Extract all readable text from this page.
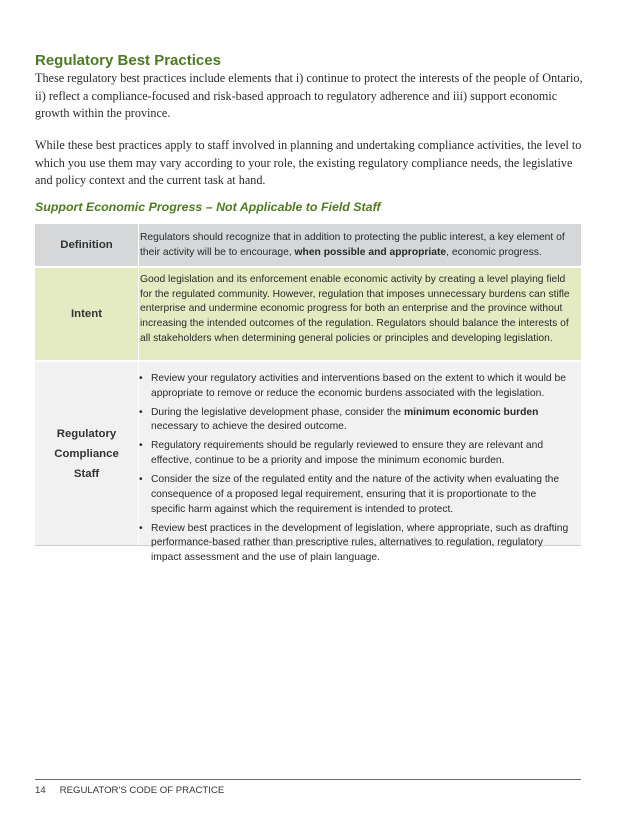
Regulatory Best Practices
These regulatory best practices include elements that i) continue to protect the interests of the people of Ontario, ii) reflect a compliance-focused and risk-based approach to regulatory adherence and iii) support economic growth within the province.
While these best practices apply to staff involved in planning and undertaking compliance activities, the level to which you use them may vary according to your role, the existing regulatory compliance needs, the legislative and policy context and the current task at hand.
Support Economic Progress – Not Applicable to Field Staff
Definition
Regulators should recognize that in addition to protecting the public interest, a key element of their activity will be to encourage, when possible and appropriate, economic progress.
Intent
Good legislation and its enforcement enable economic activity by creating a level playing field for the regulated community. However, regulation that imposes unnecessary burdens can stifle enterprise and undermine economic progress for both an enterprise and the province without increasing the intended outcomes of the regulation. Regulators should balance the interests of all stakeholders when determining general policies or principles and developing legislation.
Regulatory
Compliance
Staff
• Review your regulatory activities and interventions based on the extent to which it would be appropriate to remove or reduce the economic burdens associated with the legislation.
• During the legislative development phase, consider the minimum economic burden necessary to achieve the desired outcome.
• Regulatory requirements should be regularly reviewed to ensure they are relevant and effective, continue to be a priority and impose the minimum economic burden.
• Consider the size of the regulated entity and the nature of the activity when evaluating the consequence of a proposed legal requirement, ensuring that it is proportionate to the specific harm against which the requirement is intended to protect.
• Review best practices in the development of legislation, where appropriate, such as drafting performance-based rather than prescriptive rules, alternatives to regulation, regulatory impact assessment and the use of plain language.
14 REGULATOR'S CODE OF PRACTICE
